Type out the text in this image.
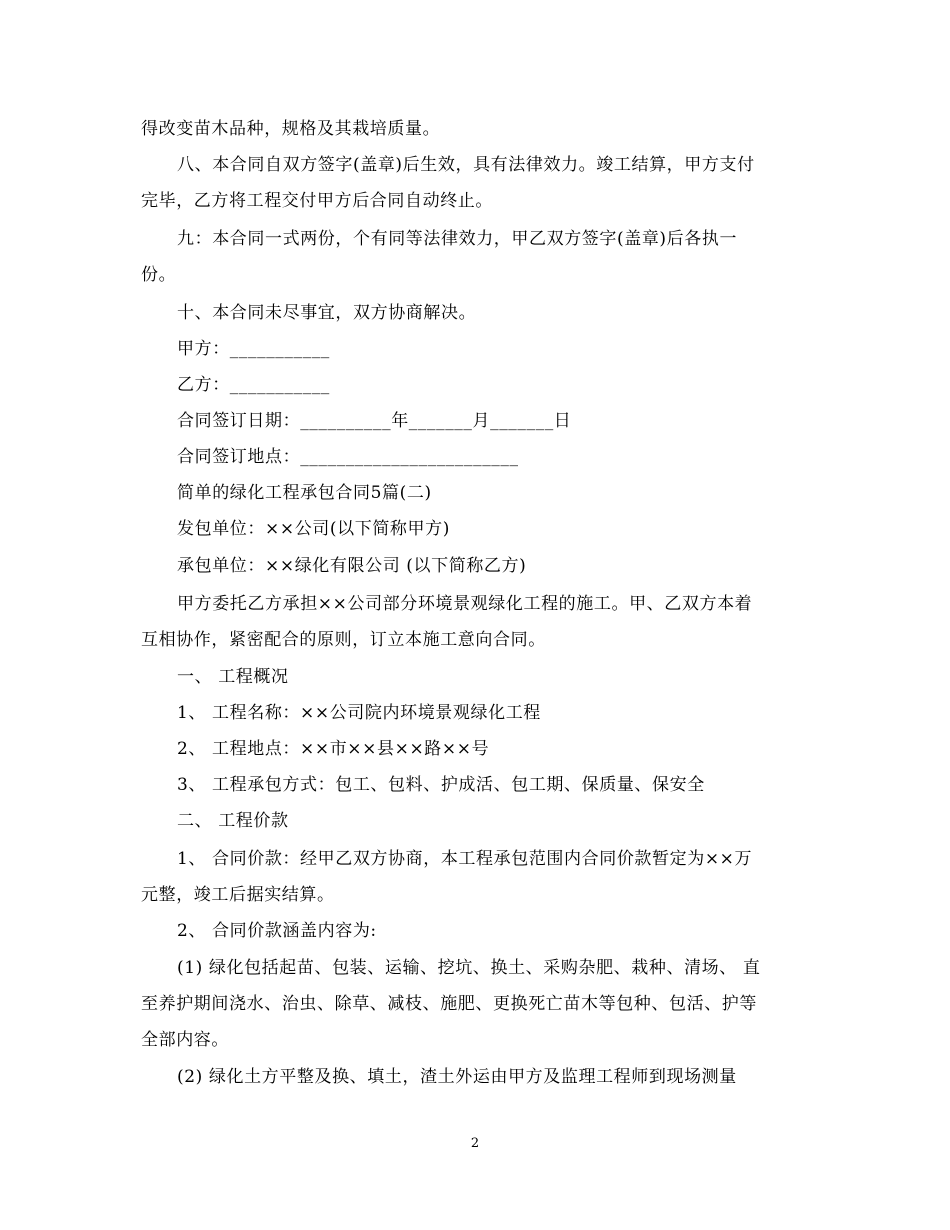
得改变苗木品种，规格及其栽培质量。
八、本合同自双方签字(盖章)后生效，具有法律效力。竣工结算，甲方支付
完毕，乙方将工程交付甲方后合同自动终止。
九：本合同一式两份，个有同等法律效力，甲乙双方签字(盖章)后各执一
份。
十、本合同未尽事宜，双方协商解决。
甲方：___________
乙方：___________
合同签订日期：__________年_______月_______日
合同签订地点：________________________
简单的绿化工程承包合同5篇(二)
发包单位：××公司(以下简称甲方)
承包单位：××绿化有限公司 (以下简称乙方)
甲方委托乙方承担××公司部分环境景观绿化工程的施工。甲、乙双方本着
互相协作，紧密配合的原则，订立本施工意向合同。
一、 工程概况
1、 工程名称：××公司院内环境景观绿化工程
2、 工程地点：××市××县××路××号
3、 工程承包方式：包工、包料、护成活、包工期、保质量、保安全
二、 工程价款
1、 合同价款：经甲乙双方协商，本工程承包范围内合同价款暂定为××万
元整，竣工后据实结算。
2、 合同价款涵盖内容为:
(1) 绿化包括起苗、包装、运输、挖坑、换土、采购杂肥、栽种、清场、 直
至养护期间浇水、治虫、除草、减枝、施肥、更换死亡苗木等包种、包活、护等
全部内容。
(2) 绿化土方平整及换、填土，渣土外运由甲方及监理工程师到现场测量
2
